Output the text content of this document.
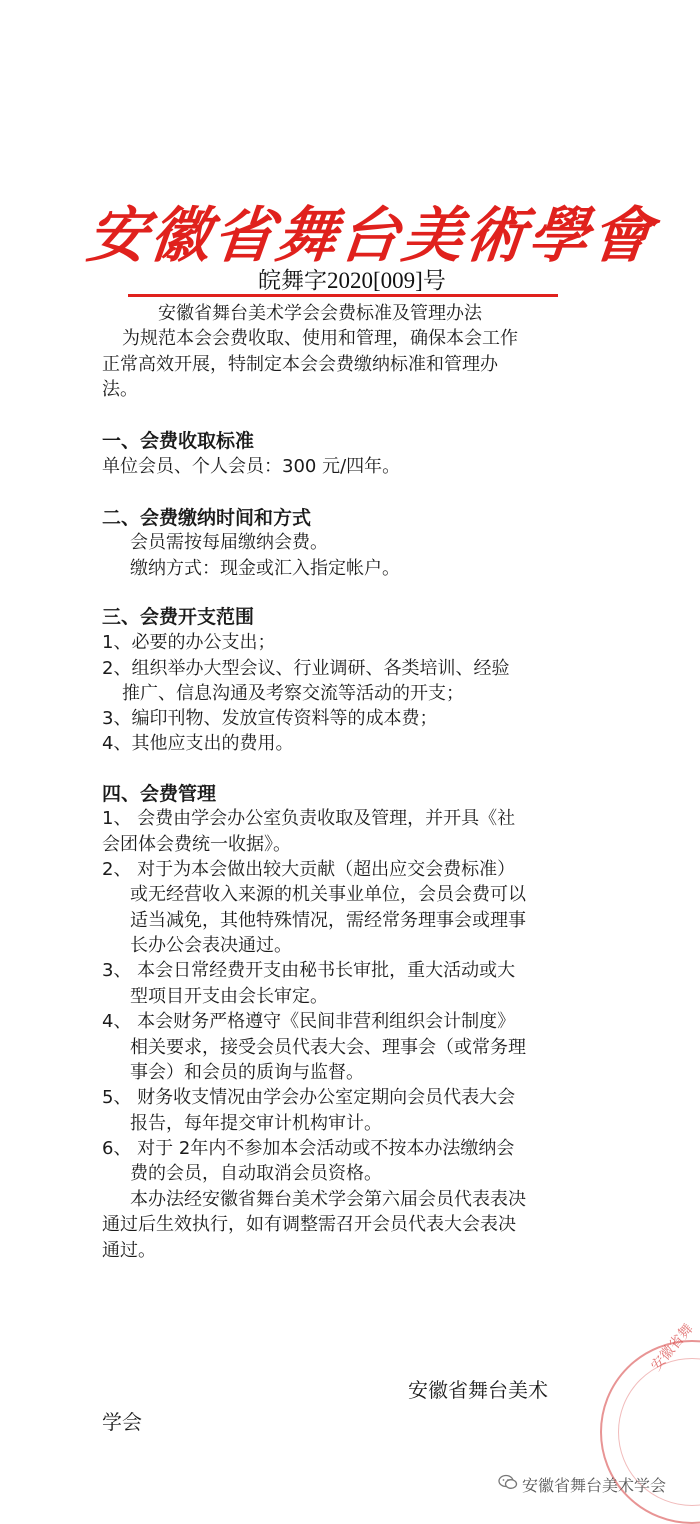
安徽省舞台美術學會
皖舞字2020[009]号
安徽省舞台美术学会会费标准及管理办法
为规范本会会费收取、使用和管理，确保本会工作
正常高效开展，特制定本会会费缴纳标准和管理办
法。
一、会费收取标准
单位会员、个人会员：300 元/四年。
二、会费缴纳时间和方式
会员需按每届缴纳会费。
缴纳方式：现金或汇入指定帐户。
三、会费开支范围
1、必要的办公支出；
2、组织举办大型会议、行业调研、各类培训、经验
推广、信息沟通及考察交流等活动的开支；
3、编印刊物、发放宣传资料等的成本费；
4、其他应支出的费用。
四、会费管理
1、 会费由学会办公室负责收取及管理，并开具《社
会团体会费统一收据》。
2、 对于为本会做出较大贡献（超出应交会费标准）
或无经营收入来源的机关事业单位，会员会费可以
适当减免，其他特殊情况，需经常务理事会或理事
长办公会表决通过。
3、 本会日常经费开支由秘书长审批，重大活动或大
型项目开支由会长审定。
4、 本会财务严格遵守《民间非营利组织会计制度》
相关要求，接受会员代表大会、理事会（或常务理
事会）和会员的质询与监督。
5、 财务收支情况由学会办公室定期向会员代表大会
报告，每年提交审计机构审计。
6、 对于 2年内不参加本会活动或不按本办法缴纳会
费的会员，自动取消会员资格。
本办法经安徽省舞台美术学会第六届会员代表表决
通过后生效执行，如有调整需召开会员代表大会表决
通过。
安徽省舞台美术
学会
安徽省舞
安徽省舞台美术学会
